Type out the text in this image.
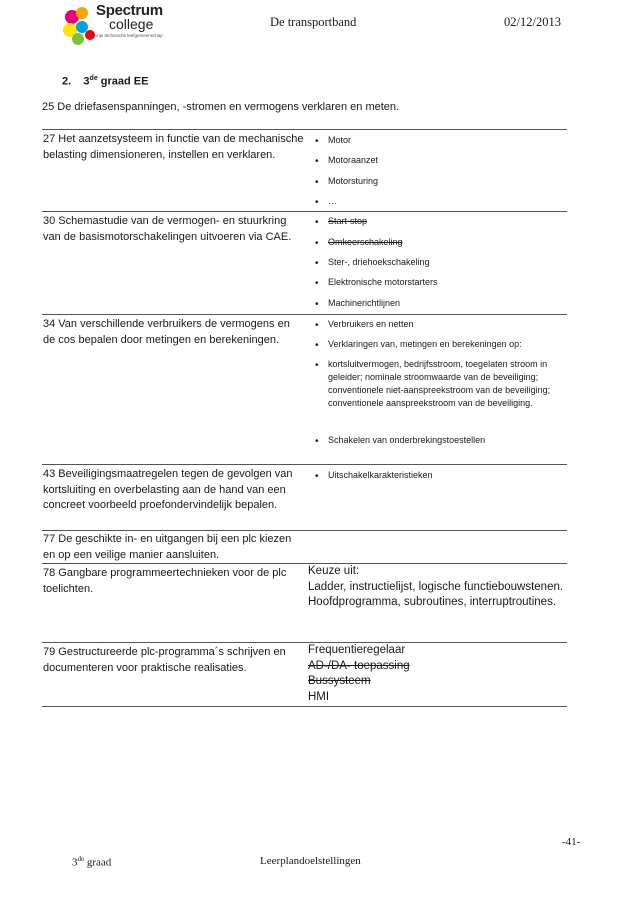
Spectrum
college
vrije technische leefgemeenschap
De transportband	02/12/2013
2. 3de graad EE
25 De driefasenspanningen, -stromen en vermogens verklaren en meten.
27 Het aanzetsysteem in functie van de mechanische belasting dimensioneren, instellen en verklaren.
• Motor
• Motoraanzet
• Motorsturing
• …
30 Schemastudie van de vermogen- en stuurkring van de basismotorschakelingen uitvoeren via CAE.
• Start-stop
• Omkeerschakeling
• Ster-, driehoekschakeling
• Elektronische motorstarters
• Machinerichtlijnen
34 Van verschillende verbruikers de vermogens en de cos bepalen door metingen en berekeningen.
• Verbruikers en netten
• Verklaringen van, metingen en berekeningen op:
• kortsluitvermogen, bedrijfsstroom, toegelaten stroom in geleider; nominale stroomwaarde van de beveiliging; conventionele niet-aanspreekstroom van de beveiliging; conventionele aanspreekstroom van de beveiliging.
• Schakelen van onderbrekingstoestellen
43 Beveiligingsmaatregelen tegen de gevolgen van kortsluiting en overbelasting aan de hand van een concreet voorbeeld proefondervindelijk bepalen.
• Uitschakelkarakteristieken
77 De geschikte in- en uitgangen bij een plc kiezen en op een veilige manier aansluiten.
78 Gangbare programmeertechnieken voor de plc toelichten.
Keuze uit:
Ladder, instructielijst, logische functiebouwstenen.
Hoofdprogramma, subroutines, interruptroutines.
79 Gestructureerde plc-programma´s schrijven en documenteren voor praktische realisaties.
Frequentieregelaar
AD-/DA- toepassing
Bussysteem
HMI
-41-
3de graad	Leerplandoelstellingen
